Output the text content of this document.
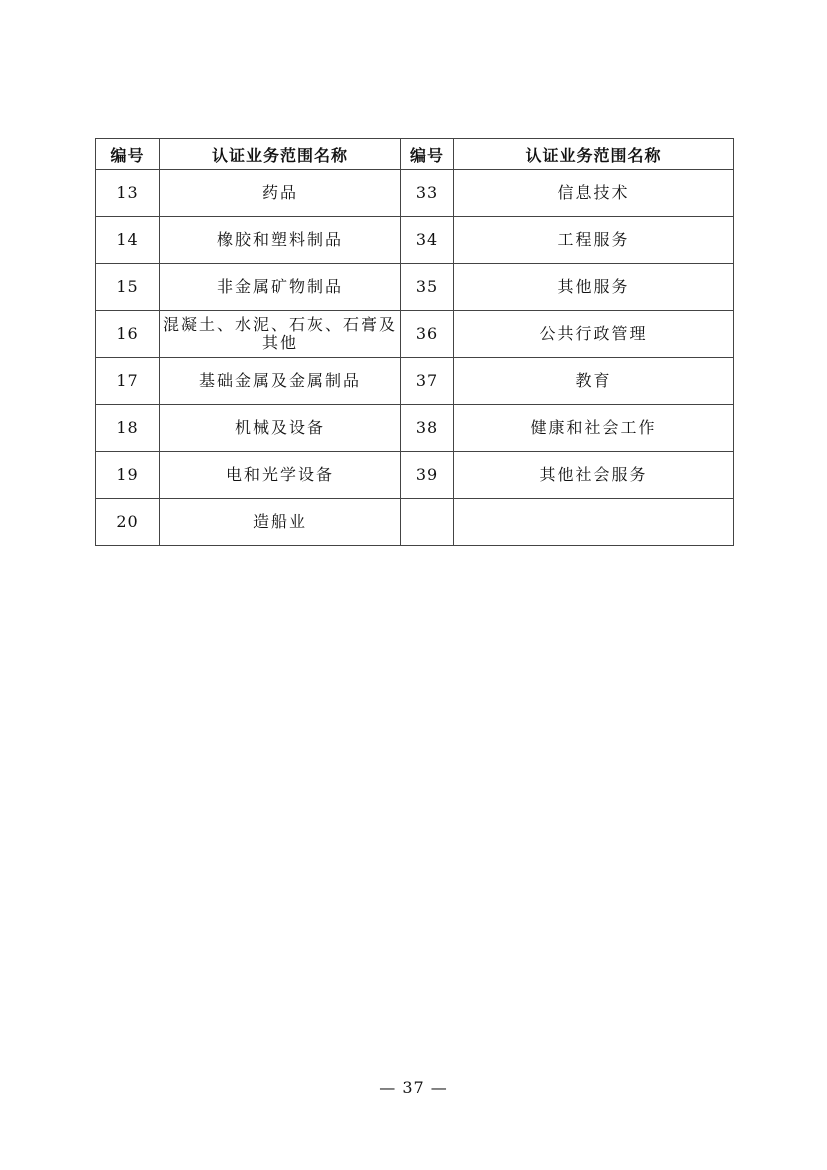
编号	认证业务范围名称	编号	认证业务范围名称
13	药品	33	信息技术
14	橡胶和塑料制品	34	工程服务
15	非金属矿物制品	35	其他服务
16	混凝土、水泥、石灰、石膏及其他	36	公共行政管理
17	基础金属及金属制品	37	教育
18	机械及设备	38	健康和社会工作
19	电和光学设备	39	其他社会服务
20	造船业		
— 37 —
